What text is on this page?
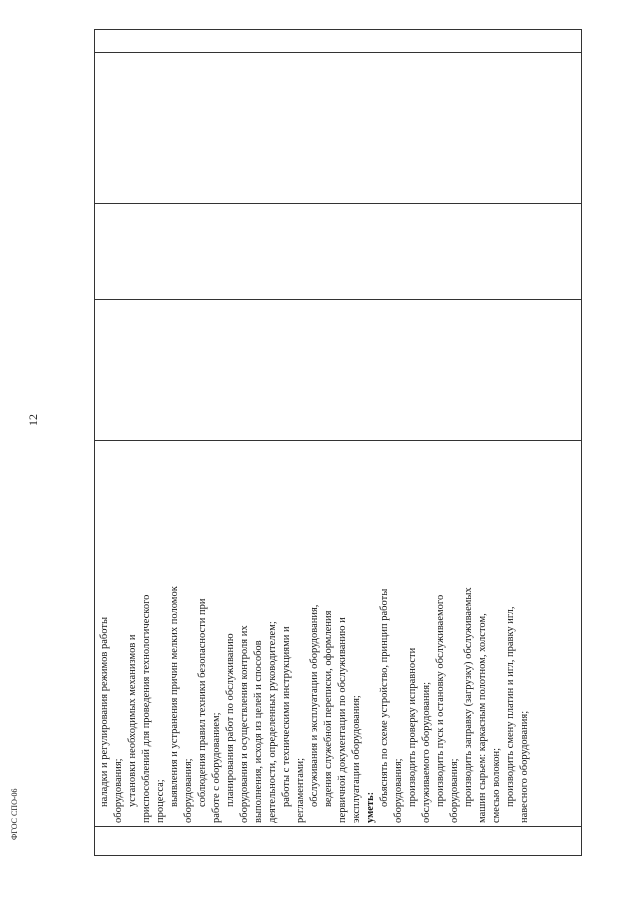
12

наладки и регулирования режимов работы оборудования; установки необходимых механизмов и приспособлений для проведения технологического процесса; выявления и устранения причин мелких поломок оборудования; соблюдения правил техники безопасности при работе с оборудованием; планирования работ по обслуживанию оборудования и осуществления контроля их выполнения, исходя из целей и способов деятельности, определенных руководителем; работы с техническими инструкциями и регламентами; обслуживания и эксплуатации оборудования, ведения служебной переписки, оформления первичной документации по обслуживанию и эксплуатации оборудования; уметь:
объяснять по схеме устройство, принцип работы оборудования; производить проверку исправности обслуживаемого оборудования; производить пуск и остановку обслуживаемого оборудования; производить заправку (загрузку) обслуживаемых машин сырьем: каркасным полотном, холстом, смесью волокон; производить смену платин и игл, правку игл, навесного оборудования;

ФГОС СПО-06
